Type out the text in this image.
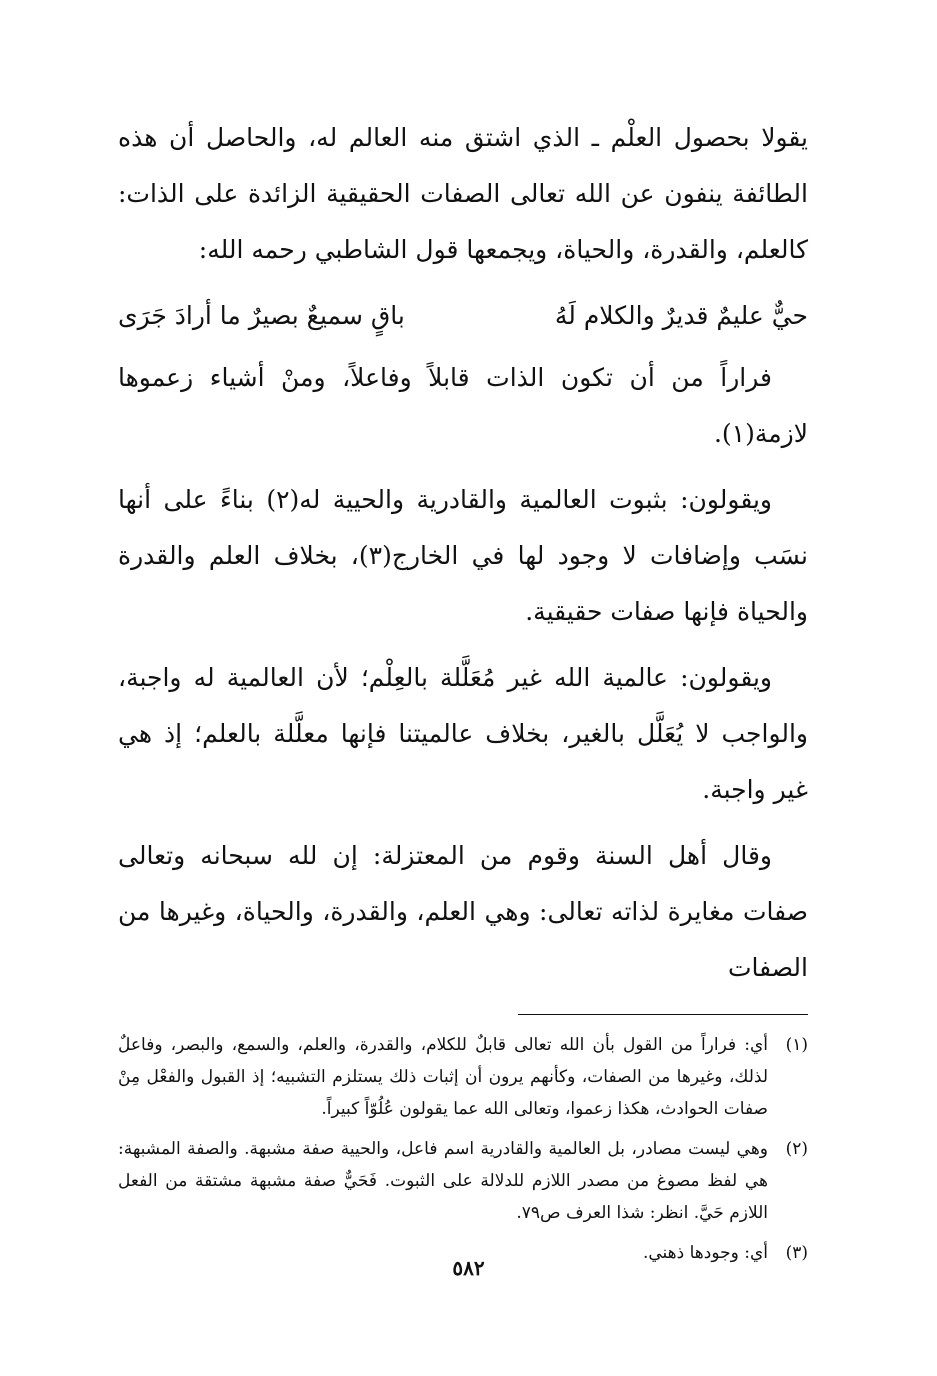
يقولا بحصول العلْم ـ الذي اشتق منه العالم له، والحاصل أن هذه الطائفة ينفون عن الله تعالى الصفات الحقيقية الزائدة على الذات: كالعلم، والقدرة، والحياة، ويجمعها قول الشاطبي رحمه الله:

حيٌّ عليمٌ قديرٌ والكلام لَهُ
باقٍ سميعٌ بصيرٌ ما أرادَ جَرَى

فراراً من أن تكون الذات قابلاً وفاعلاً، ومنْ أشياء زعموها لازمة(١).

ويقولون: بثبوت العالمية والقادرية والحيية له(٢) بناءً على أنها نسَب وإضافات لا وجود لها في الخارج(٣)، بخلاف العلم والقدرة والحياة فإنها صفات حقيقية.

ويقولون: عالمية الله غير مُعَلَّلة بالعِلْم؛ لأن العالمية له واجبة، والواجب لا يُعَلَّل بالغير، بخلاف عالميتنا فإنها معلَّلة بالعلم؛ إذ هي غير واجبة.

وقال أهل السنة وقوم من المعتزلة: إن لله سبحانه وتعالى صفات مغايرة لذاته تعالى: وهي العلم، والقدرة، والحياة، وغيرها من الصفات

(١)
أي: فراراً من القول بأن الله تعالى قابلٌ للكلام، والقدرة، والعلم، والسمع، والبصر، وفاعلٌ لذلك، وغيرها من الصفات، وكأنهم يرون أن إثبات ذلك يستلزم التشبيه؛ إذ القبول والفعْل مِنْ صفات الحوادث، هكذا زعموا، وتعالى الله عما يقولون عُلُوّاً كبيراً.
(٢)
وهي ليست مصادر، بل العالمية والقادرية اسم فاعل، والحيية صفة مشبهة. والصفة المشبهة: هي لفظ مصوغ من مصدر اللازم للدلالة على الثبوت. فَحَيٌّ صفة مشبهة مشتقة من الفعل اللازم حَيَّ. انظر: شذا العرف ص٧٩.
(٣)
أي: وجودها ذهني.
٥٨٢
